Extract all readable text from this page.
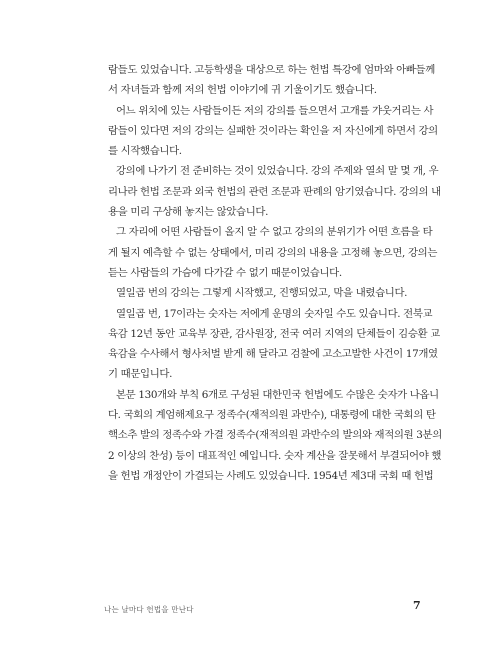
람들도 있었습니다. 고등학생을 대상으로 하는 헌법 특강에 엄마와 아빠들께
서 자녀들과 함께 저의 헌법 이야기에 귀 기울이기도 했습니다.
어느 위치에 있는 사람들이든 저의 강의를 들으면서 고개를 갸웃거리는 사
람들이 있다면 저의 강의는 실패한 것이라는 확인을 저 자신에게 하면서 강의
를 시작했습니다.
강의에 나가기 전 준비하는 것이 있었습니다. 강의 주제와 열쇠 말 몇 개, 우
리나라 헌법 조문과 외국 헌법의 관련 조문과 판례의 암기였습니다. 강의의 내
용을 미리 구상해 놓지는 않았습니다.
그 자리에 어떤 사람들이 올지 알 수 없고 강의의 분위기가 어떤 흐름을 타
게 될지 예측할 수 없는 상태에서, 미리 강의의 내용을 고정해 놓으면, 강의는
듣는 사람들의 가슴에 다가갈 수 없기 때문이었습니다.
열일곱 번의 강의는 그렇게 시작했고, 진행되었고, 막을 내렸습니다.
열일곱 번, 17이라는 숫자는 저에게 운명의 숫자일 수도 있습니다. 전북교
육감 12년 동안 교육부 장관, 감사원장, 전국 여러 지역의 단체들이 김승환 교
육감을 수사해서 형사처벌 받게 해 달라고 검찰에 고소고발한 사건이 17개였
기 때문입니다.
본문 130개와 부칙 6개로 구성된 대한민국 헌법에도 수많은 숫자가 나옵니
다. 국회의 계엄해제요구 정족수(재적의원 과반수), 대통령에 대한 국회의 탄
핵소추 발의 정족수와 가결 정족수(재적의원 과반수의 발의와 재적의원 3분의
2 이상의 찬성) 등이 대표적인 예입니다. 숫자 계산을 잘못해서 부결되어야 했
을 헌법 개정안이 가결되는 사례도 있었습니다. 1954년 제3대 국회 때 헌법
나는 날마다 헌법을 만난다	7
